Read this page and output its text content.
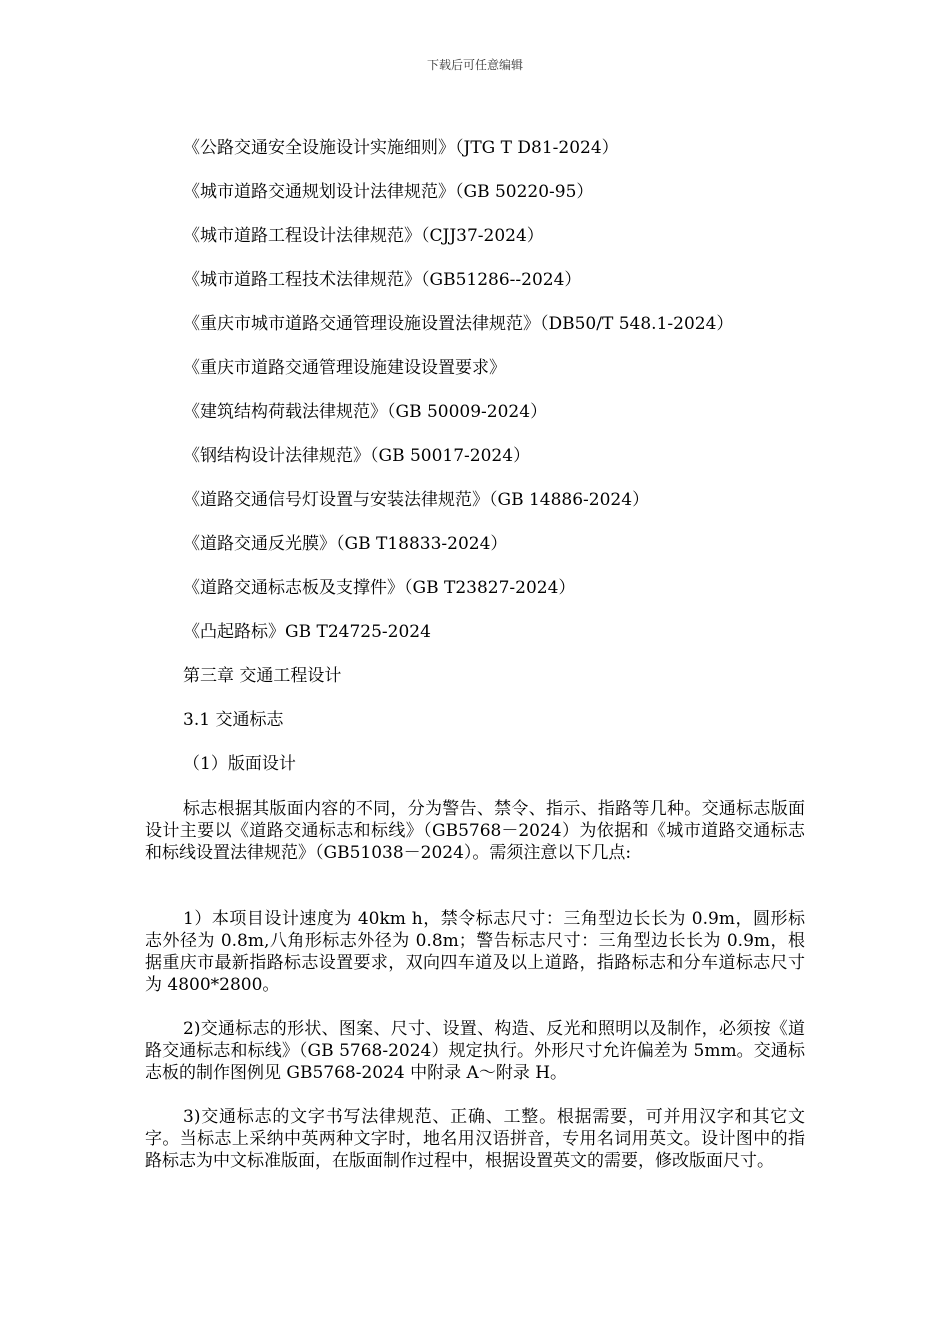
下载后可任意编辑
《公路交通安全设施设计实施细则》（JTG T D81-2024）
《城市道路交通规划设计法律规范》（GB 50220-95）
《城市道路工程设计法律规范》（CJJ37-2024）
《城市道路工程技术法律规范》（GB51286--2024）
《重庆市城市道路交通管理设施设置法律规范》（DB50/T 548.1-2024）
《重庆市道路交通管理设施建设设置要求》
《建筑结构荷载法律规范》（GB 50009-2024）
《钢结构设计法律规范》（GB 50017-2024）
《道路交通信号灯设置与安装法律规范》（GB 14886-2024）
《道路交通反光膜》（GB T18833-2024）
《道路交通标志板及支撑件》（GB T23827-2024）
《凸起路标》GB T24725-2024
第三章 交通工程设计
3.1 交通标志
（1）版面设计

标志根据其版面内容的不同，分为警告、禁令、指示、指路等几种。交通标志版面设计主要以《道路交通标志和标线》（GB5768－2024）为依据和《城市道路交通标志和标线设置法律规范》（GB51038－2024）。需须注意以下几点:

1）本项目设计速度为 40km h，禁令标志尺寸：三角型边长长为 0.9m，圆形标志外径为 0.8m,八角形标志外径为 0.8m；警告标志尺寸：三角型边长长为 0.9m，根据重庆市最新指路标志设置要求，双向四车道及以上道路，指路标志和分车道标志尺寸为 4800*2800。

2)交通标志的形状、图案、尺寸、设置、构造、反光和照明以及制作，必须按《道路交通标志和标线》（GB 5768-2024）规定执行。外形尺寸允许偏差为 5mm。交通标志板的制作图例见 GB5768-2024 中附录 A～附录 H。

3)交通标志的文字书写法律规范、正确、工整。根据需要，可并用汉字和其它文字。当标志上采纳中英两种文字时，地名用汉语拼音，专用名词用英文。设计图中的指路标志为中文标准版面，在版面制作过程中，根据设置英文的需要，修改版面尺寸。
